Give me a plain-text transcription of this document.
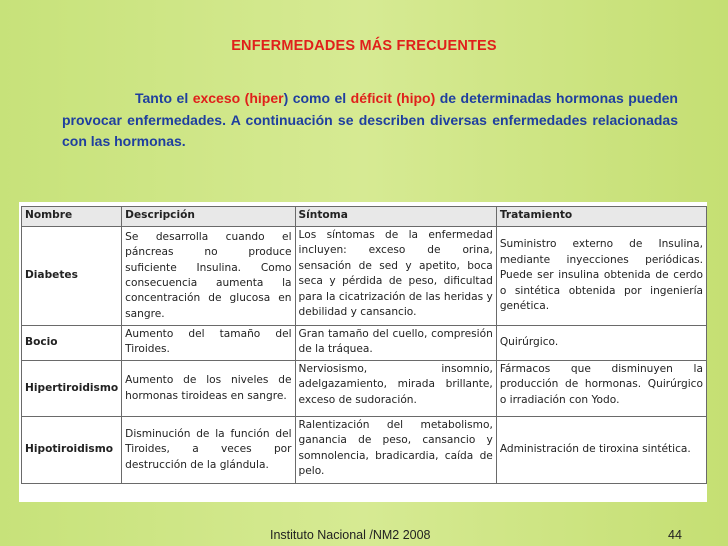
ENFERMEDADES MÁS FRECUENTES
Tanto el exceso (hiper) como el déficit (hipo) de determinadas hormonas pueden provocar enfermedades. A continuación se describen diversas enfermedades relacionadas con las hormonas.
Nombre	Descripción	Síntoma	Tratamiento
Diabetes	Se desarrolla cuando el páncreas no produce suficiente Insulina. Como consecuencia aumenta la concentración de glucosa en sangre.	Los síntomas de la enfermedad incluyen: exceso de orina, sensación de sed y apetito, boca seca y pérdida de peso, dificultad para la cicatrización de las heridas y debilidad y cansancio.	Suministro externo de Insulina, mediante inyecciones periódicas. Puede ser insulina obtenida de cerdo o sintética obtenida por ingeniería genética.
Bocio	Aumento del tamaño del Tiroides.	Gran tamaño del cuello, compresión de la tráquea.	Quirúrgico.
Hipertiroidismo	Aumento de los niveles de hormonas tiroideas en sangre.	Nerviosismo, insomnio, adelgazamiento, mirada brillante, exceso de sudoración.	Fármacos que disminuyen la producción de hormonas. Quirúrgico o irradiación con Yodo.
Hipotiroidismo	Disminución de la función del Tiroides, a veces por destrucción de la glándula.	Ralentización del metabolismo, ganancia de peso, cansancio y somnolencia, bradicardia, caída de pelo.	Administración de tiroxina sintética.
Instituto Nacional /NM2 2008	44
